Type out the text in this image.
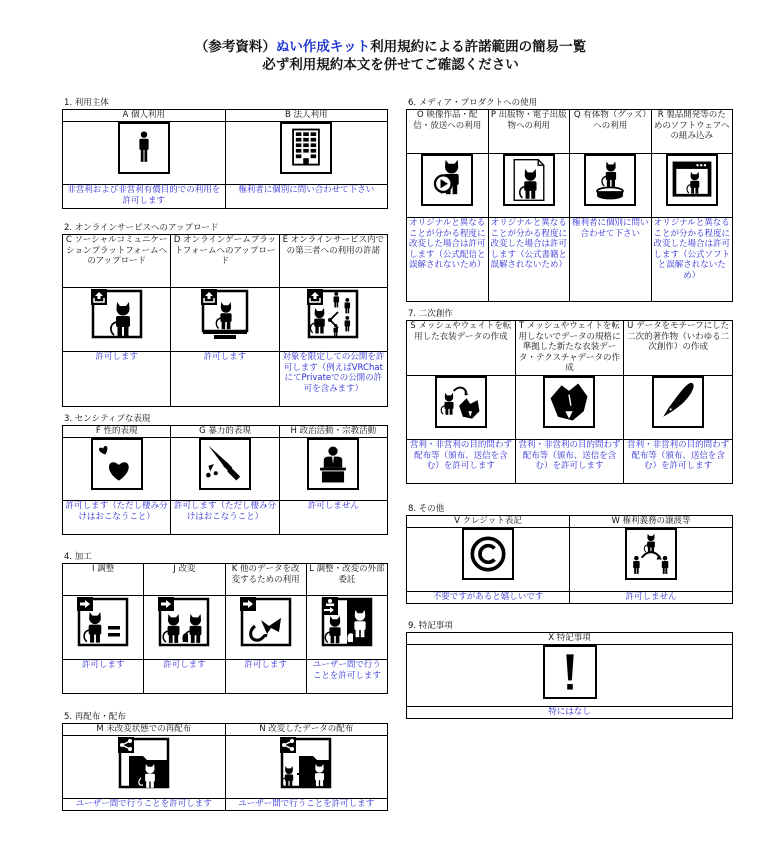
（参考資料）ぬい作成キット利用規約による許諾範囲の簡易一覧
必ず利用規約本文を併せてご確認ください
1. 利用主体
A 個人利用	B 法人利用

非営利および非営利有償目的での利用を許可します	権利者に個別に問い合わせて下さい
2. オンラインサービスへのアップロード
C ソーシャルコミュニケーションプラットフォームへのアップロード	D オンラインゲームプラットフォームへのアップロード	E オンラインサービス内での第三者への利用の許諾

許可します	許可します	対象を限定しての公開を許可します（例えばVRChatにてPrivateでの公開の許可を含みます）
3. センシティブな表現
F 性的表現	G 暴力的表現	H 政治活動・宗教活動

許可します（ただし棲み分けはおこなうこと）	許可します（ただし棲み分けはおこなうこと）	許可しません
4. 加工
I 調整	J 改変	K 他のデータを改変するための利用	L 調整・改変の外部委託

許可します	許可します	許可します	ユーザー間で行うことを許可します
5. 再配布・配布
M 未改変状態での再配布	N 改変したデータの配布

ユーザー間で行うことを許可します	ユーザー間で行うことを許可します
6. メディア・プロダクトへの使用
O 映像作品・配信・放送への利用	P 出版物・電子出版物への利用	Q 有体物（グッズ）への利用	R 製品開発等のためのソフトウェアへの組み込み

オリジナルと異なることが分かる程度に改変した場合は許可します（公式配信と誤解されないため）	オリジナルと異なることが分かる程度に改変した場合は許可します（公式書籍と誤解されないため）	権利者に個別に問い合わせて下さい	オリジナルと異なることが分かる程度に改変した場合は許可します（公式ソフトと誤解されないため）
7. 二次創作
S メッシュやウェイトを転用した衣装データの作成	T メッシュやウェイトを転用しないでデータの規格に準拠した新たな衣装データ・テクスチャデータの作成	U データをモチーフにした二次的著作物（いわゆる二次創作）の作成

営利・非営利の目的問わず配布等（頒布、送信を含む）を許可します	営利・非営利の目的問わず配布等（頒布、送信を含む）を許可します	営利・非営利の目的問わず配布等（頒布、送信を含む）を許可します
8. その他
V クレジット表記	W 権利義務の譲渡等

不要ですがあると嬉しいです	許可しません
9. 特記事項
X 特記事項

特にはなし
